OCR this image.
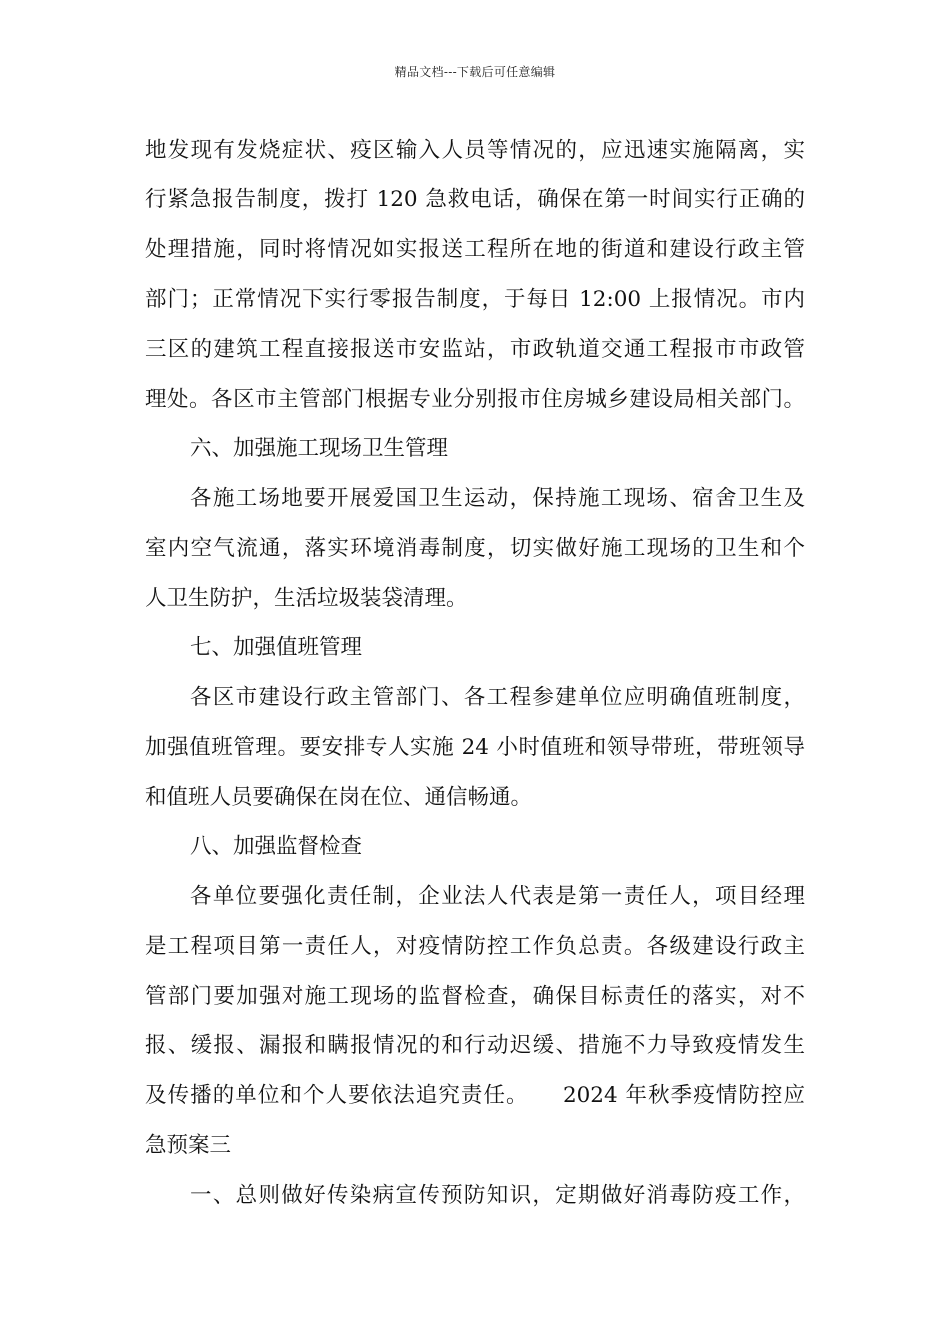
精品文档---下载后可任意编辑
地发现有发烧症状、疫区输入人员等情况的，应迅速实施隔离，实
行紧急报告制度，拨打 120 急救电话，确保在第一时间实行正确的
处理措施，同时将情况如实报送工程所在地的街道和建设行政主管
部门；正常情况下实行零报告制度，于每日 12:00 上报情况。市内
三区的建筑工程直接报送市安监站，市政轨道交通工程报市市政管
理处。各区市主管部门根据专业分别报市住房城乡建设局相关部门。
六、加强施工现场卫生管理
各施工场地要开展爱国卫生运动，保持施工现场、宿舍卫生及
室内空气流通，落实环境消毒制度，切实做好施工现场的卫生和个
人卫生防护，生活垃圾装袋清理。
七、加强值班管理
各区市建设行政主管部门、各工程参建单位应明确值班制度，
加强值班管理。要安排专人实施 24 小时值班和领导带班，带班领导
和值班人员要确保在岗在位、通信畅通。
八、加强监督检查
各单位要强化责任制，企业法人代表是第一责任人，项目经理
是工程项目第一责任人，对疫情防控工作负总责。各级建设行政主
管部门要加强对施工现场的监督检查，确保目标责任的落实，对不
报、缓报、漏报和瞒报情况的和行动迟缓、措施不力导致疫情发生
及传播的单位和个人要依法追究责任。　　2024 年秋季疫情防控应
急预案三
一、总则做好传染病宣传预防知识，定期做好消毒防疫工作，
